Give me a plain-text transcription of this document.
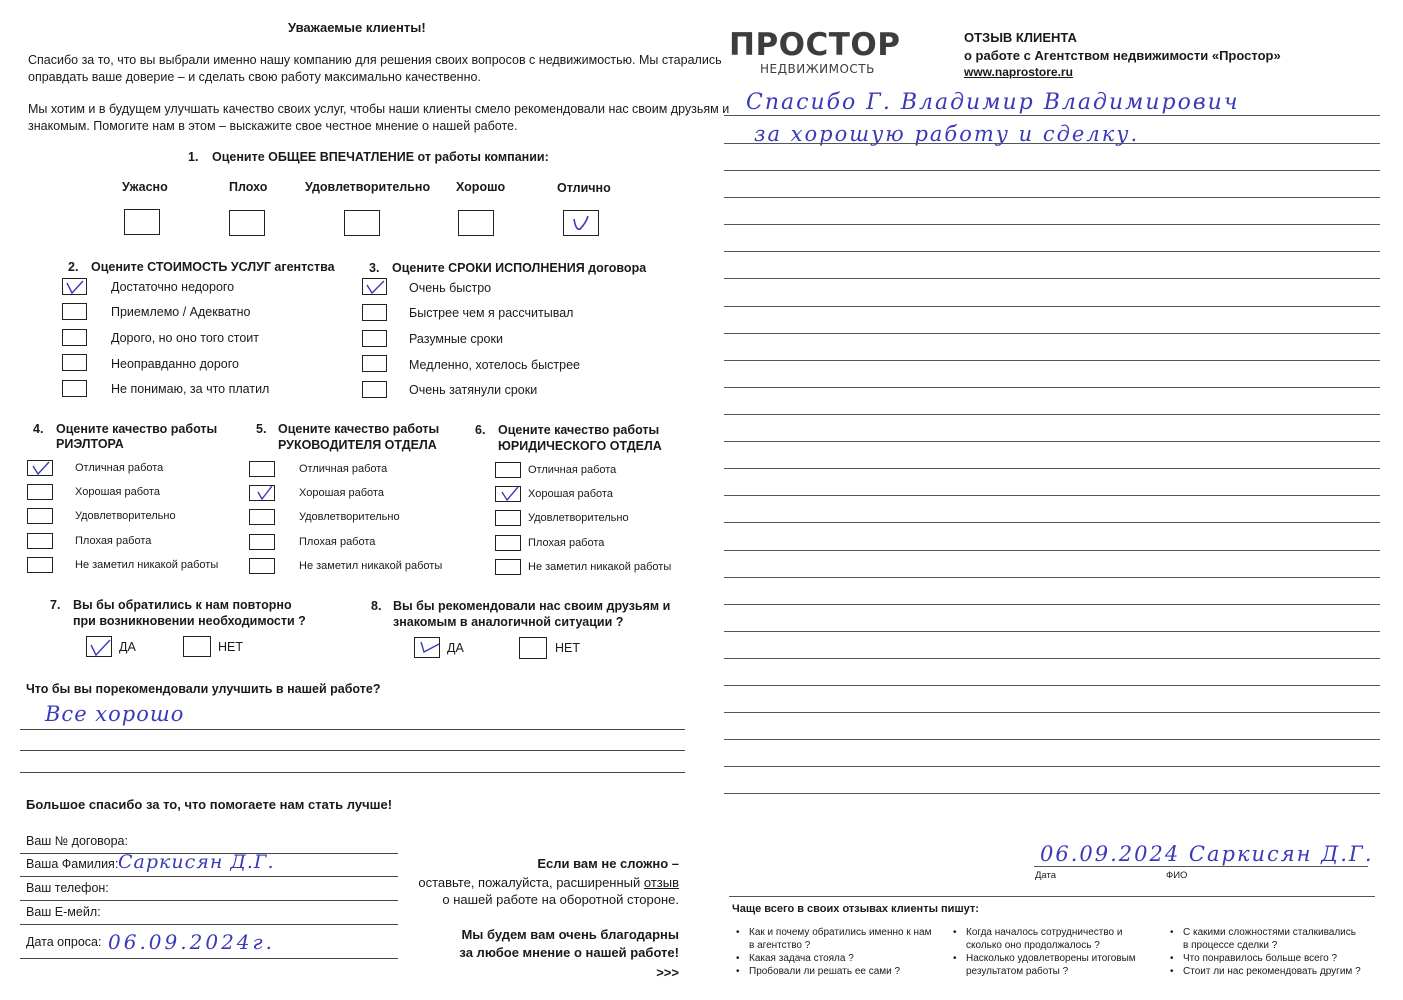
Уважаемые клиенты!
Спасибо за то, что вы выбрали именно нашу компанию для решения своих вопросов с недвижимостью. Мы старались
оправдать ваше доверие – и сделать свою работу максимально качественно.
Мы хотим и в будущем улучшать качество своих услуг, чтобы наши клиенты смело рекомендовали нас своим друзьям и
знакомым. Помогите нам в этом – выскажите свое честное мнение о нашей работе.
1. Оцените ОБЩЕЕ ВПЕЧАТЛЕНИЕ от работы компании:
Ужасно	Плохо	Удовлетворительно Хорошо	Отлично
2. Оцените СТОИМОСТЬ УСЛУГ агентства
Достаточно недорого
Приемлемо / Адекватно
Дорого, но оно того стоит
Неоправданно дорого
Не понимаю, за что платил
3. Оцените СРОКИ ИСПОЛНЕНИЯ договора
Очень быстро
Быстрее чем я рассчитывал
Разумные сроки
Медленно, хотелось быстрее
Очень затянули сроки
4. Оцените качество работы
РИЭЛТОРА
Отличная работа
Хорошая работа
Удовлетворительно
Плохая работа
Не заметил никакой работы
5. Оцените качество работы
РУКОВОДИТЕЛЯ ОТДЕЛА
Отличная работа
Хорошая работа
Удовлетворительно
Плохая работа
Не заметил никакой работы
6. Оцените качество работы
ЮРИДИЧЕСКОГО ОТДЕЛА
Отличная работа
Хорошая работа
Удовлетворительно
Плохая работа
Не заметил никакой работы
7. Вы бы обратились к нам повторно
при возникновении необходимости ?
ДА	НЕТ
8. Вы бы рекомендовали нас своим друзьям и
знакомым в аналогичной ситуации ?
ДА	НЕТ
Что бы вы порекомендовали улучшить в нашей работе?
Все хорошо
Большое спасибо за то, что помогаете нам стать лучше!
Ваш № договора:
Ваша Фамилия: Саркисян Д.Г.
Ваш телефон:
Ваш Е-мейл:
Дата опроса: 06.09.2024г.
Если вам не сложно –
оставьте, пожалуйста, расширенный отзыв
о нашей работе на оборотной стороне.
Мы будем вам очень благодарны
за любое мнение о нашей работе!
>>>
ПРОСТОР
НЕДВИЖИМОСТЬ
ОТЗЫВ КЛИЕНТА
о работе с Агентством недвижимости «Простор»
www.naprostore.ru
Спасибо Г. Владимир Владимирович
за хорошую работу и сделку.
06.09.2024 Саркисян Д.Г.
Дата	ФИО
Чаще всего в своих отзывах клиенты пишут:
• Как и почему обратились именно к нам в агентство ?
• Какая задача стояла ?
• Пробовали ли решать ее сами ?
• Когда началось сотрудничество и сколько оно продолжалось ?
• Насколько удовлетворены итоговым результатом работы ?
• С какими сложностями сталкивались в процессе сделки ?
• Что понравилось больше всего ?
• Стоит ли нас рекомендовать другим ?
